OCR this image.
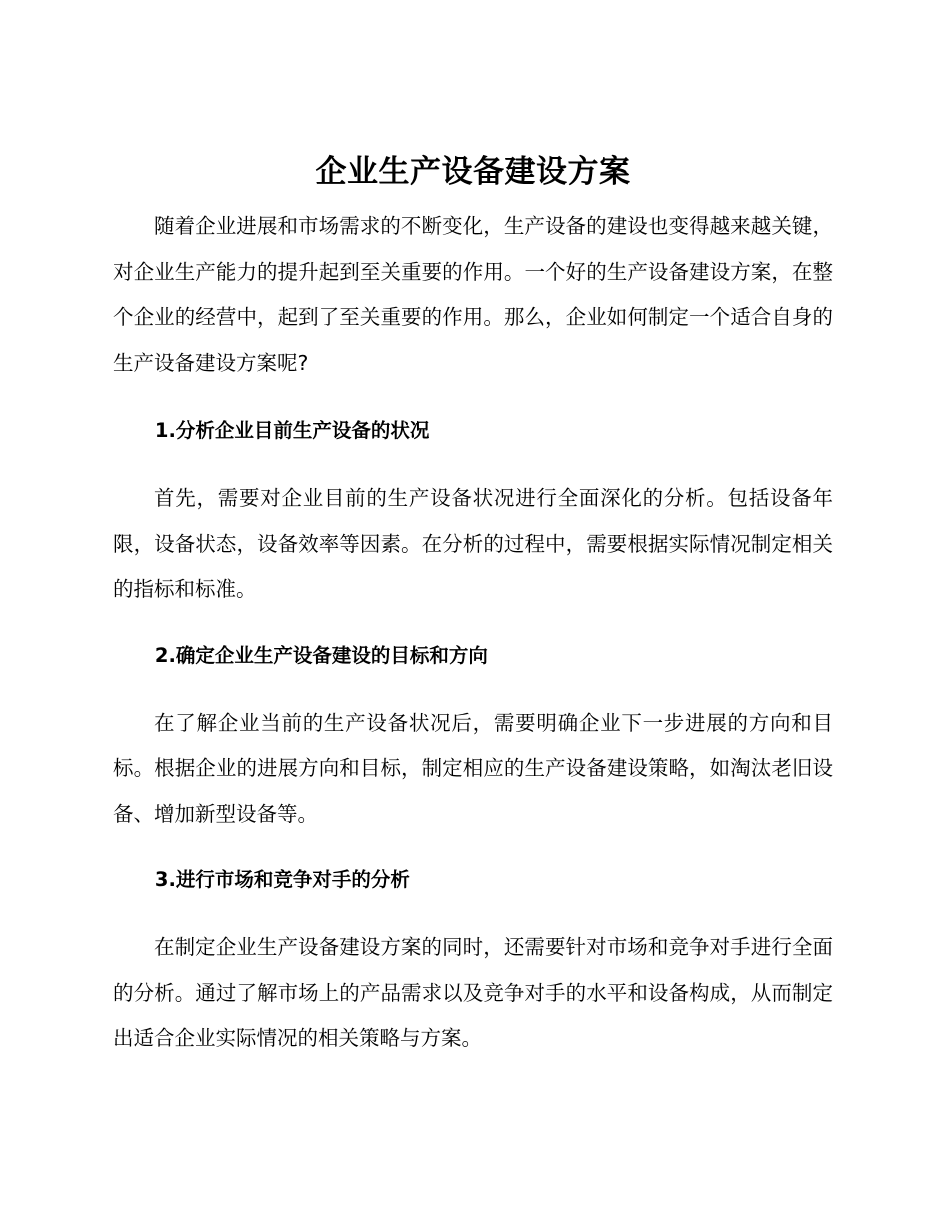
企业生产设备建设方案

随着企业进展和市场需求的不断变化，生产设备的建设也变得越来越关键，对企业生产能力的提升起到至关重要的作用。一个好的生产设备建设方案，在整个企业的经营中，起到了至关重要的作用。那么，企业如何制定一个适合自身的生产设备建设方案呢?

1.分析企业目前生产设备的状况

首先，需要对企业目前的生产设备状况进行全面深化的分析。包括设备年限，设备状态，设备效率等因素。在分析的过程中，需要根据实际情况制定相关的指标和标准。

2.确定企业生产设备建设的目标和方向

在了解企业当前的生产设备状况后，需要明确企业下一步进展的方向和目标。根据企业的进展方向和目标，制定相应的生产设备建设策略，如淘汰老旧设备、增加新型设备等。

3.进行市场和竞争对手的分析

在制定企业生产设备建设方案的同时，还需要针对市场和竞争对手进行全面的分析。通过了解市场上的产品需求以及竞争对手的水平和设备构成，从而制定出适合企业实际情况的相关策略与方案。
